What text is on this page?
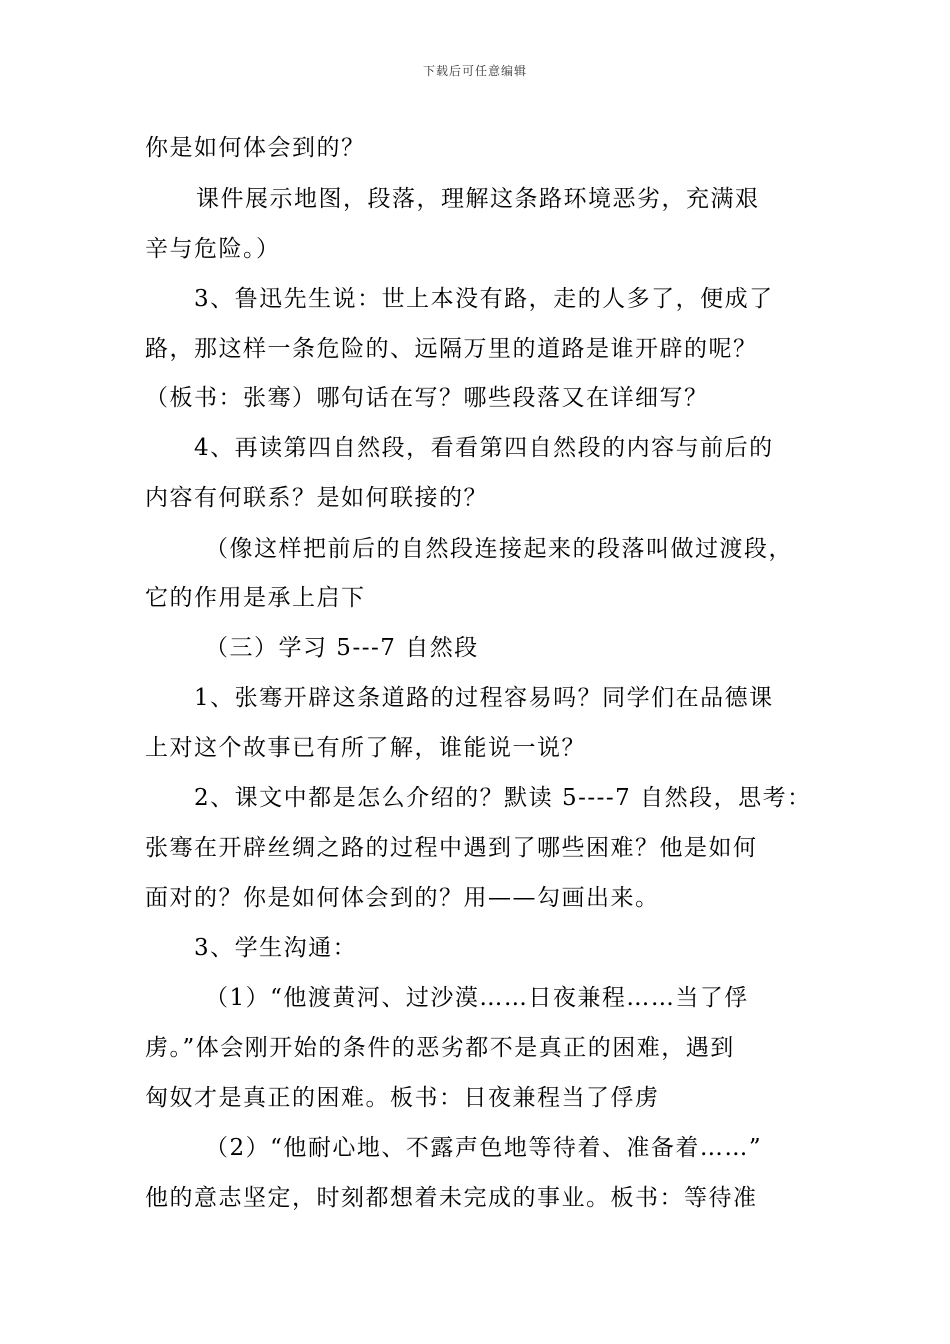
下载后可任意编辑
你是如何体会到的？
课件展示地图，段落，理解这条路环境恶劣，充满艰
辛与危险。）
3、鲁迅先生说：世上本没有路，走的人多了，便成了
路，那这样一条危险的、远隔万里的道路是谁开辟的呢？
（板书：张骞）哪句话在写？哪些段落又在详细写？
4、再读第四自然段，看看第四自然段的内容与前后的
内容有何联系？是如何联接的？
（像这样把前后的自然段连接起来的段落叫做过渡段，
它的作用是承上启下
（三）学习 5---7 自然段
1、张骞开辟这条道路的过程容易吗？同学们在品德课
上对这个故事已有所了解，谁能说一说？
2、课文中都是怎么介绍的？默读 5----7 自然段，思考：
张骞在开辟丝绸之路的过程中遇到了哪些困难？他是如何
面对的？你是如何体会到的？用——勾画出来。
3、学生沟通：
（1）“他渡黄河、过沙漠……日夜兼程……当了俘
虏。”体会刚开始的条件的恶劣都不是真正的困难，遇到
匈奴才是真正的困难。板书：日夜兼程当了俘虏
（2）“他耐心地、不露声色地等待着、准备着……”
他的意志坚定，时刻都想着未完成的事业。板书：等待准
